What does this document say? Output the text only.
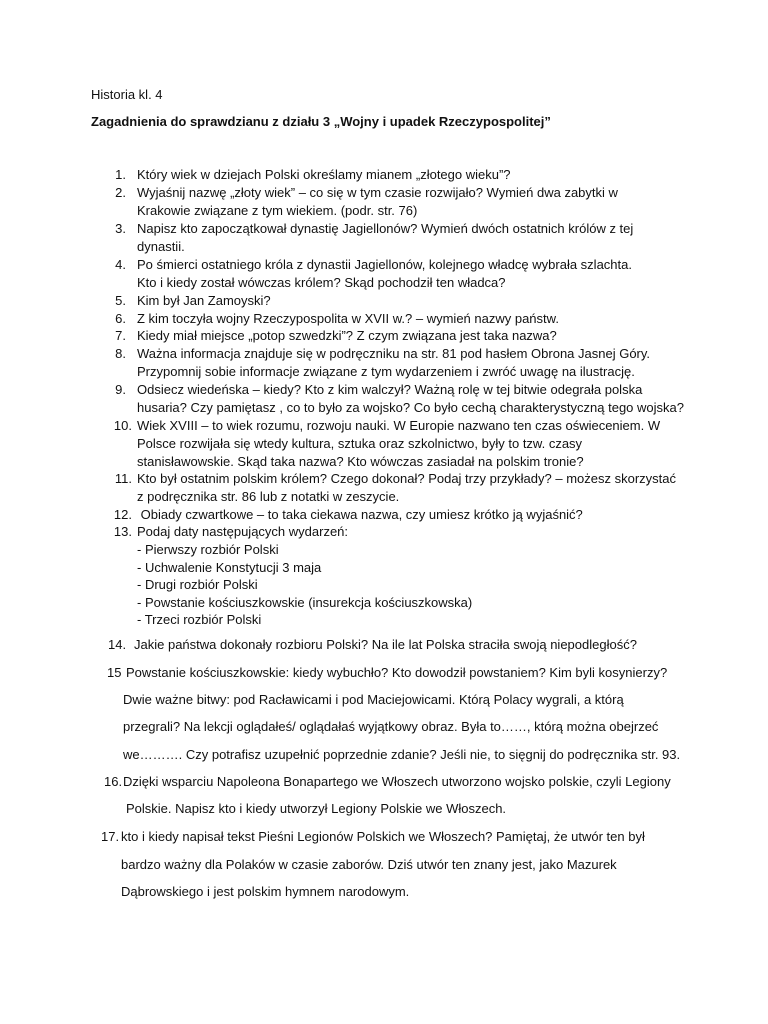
Historia kl. 4
Zagadnienia do sprawdzianu z działu 3 „Wojny i upadek Rzeczypospolitej”
1. Który wiek w dziejach Polski określamy mianem „złotego wieku”?
2. Wyjaśnij nazwę „złoty wiek” – co się w tym czasie rozwijało? Wymień dwa zabytki w
Krakowie związane z tym wiekiem. (podr. str. 76)
3. Napisz kto zapoczątkował dynastię Jagiellonów? Wymień dwóch ostatnich królów z tej
dynastii.
4. Po śmierci ostatniego króla z dynastii Jagiellonów, kolejnego władcę wybrała szlachta.
Kto i kiedy został wówczas królem? Skąd pochodził ten władca?
5. Kim był Jan Zamoyski?
6. Z kim toczyła wojny Rzeczypospolita w XVII w.? – wymień nazwy państw.
7. Kiedy miał miejsce „potop szwedzki”? Z czym związana jest taka nazwa?
8. Ważna informacja znajduje się w podręczniku na str. 81 pod hasłem Obrona Jasnej Góry.
Przypomnij sobie informacje związane z tym wydarzeniem i zwróć uwagę na ilustrację.
9. Odsiecz wiedeńska – kiedy? Kto z kim walczył? Ważną rolę w tej bitwie odegrała polska
husaria? Czy pamiętasz , co to było za wojsko? Co było cechą charakterystyczną tego wojska?
10. Wiek XVIII – to wiek rozumu, rozwoju nauki. W Europie nazwano ten czas oświeceniem. W
Polsce rozwijała się wtedy kultura, sztuka oraz szkolnictwo, były to tzw. czasy
stanisławowskie. Skąd taka nazwa? Kto wówczas zasiadał na polskim tronie?
11. Kto był ostatnim polskim królem? Czego dokonał? Podaj trzy przykłady? – możesz skorzystać
z podręcznika str. 86 lub z notatki w zeszycie.
12. Obiady czwartkowe – to taka ciekawa nazwa, czy umiesz krótko ją wyjaśnić?
13. Podaj daty następujących wydarzeń:
- Pierwszy rozbiór Polski
- Uchwalenie Konstytucji 3 maja
- Drugi rozbiór Polski
- Powstanie kościuszkowskie (insurekcja kościuszkowska)
- Trzeci rozbiór Polski
14. Jakie państwa dokonały rozbioru Polski? Na ile lat Polska straciła swoją niepodległość?
15 Powstanie kościuszkowskie: kiedy wybuchło? Kto dowodził powstaniem? Kim byli kosynierzy?
Dwie ważne bitwy: pod Racławicami i pod Maciejowicami. Którą Polacy wygrali, a którą
przegrali? Na lekcji oglądałeś/ oglądałaś wyjątkowy obraz. Była to……, którą można obejrzeć
we………. Czy potrafisz uzupełnić poprzednie zdanie? Jeśli nie, to sięgnij do podręcznika str. 93.
16. Dzięki wsparciu Napoleona Bonapartego we Włoszech utworzono wojsko polskie, czyli Legiony
Polskie. Napisz kto i kiedy utworzył Legiony Polskie we Włoszech.
17. kto i kiedy napisał tekst Pieśni Legionów Polskich we Włoszech? Pamiętaj, że utwór ten był
bardzo ważny dla Polaków w czasie zaborów. Dziś utwór ten znany jest, jako Mazurek
Dąbrowskiego i jest polskim hymnem narodowym.
